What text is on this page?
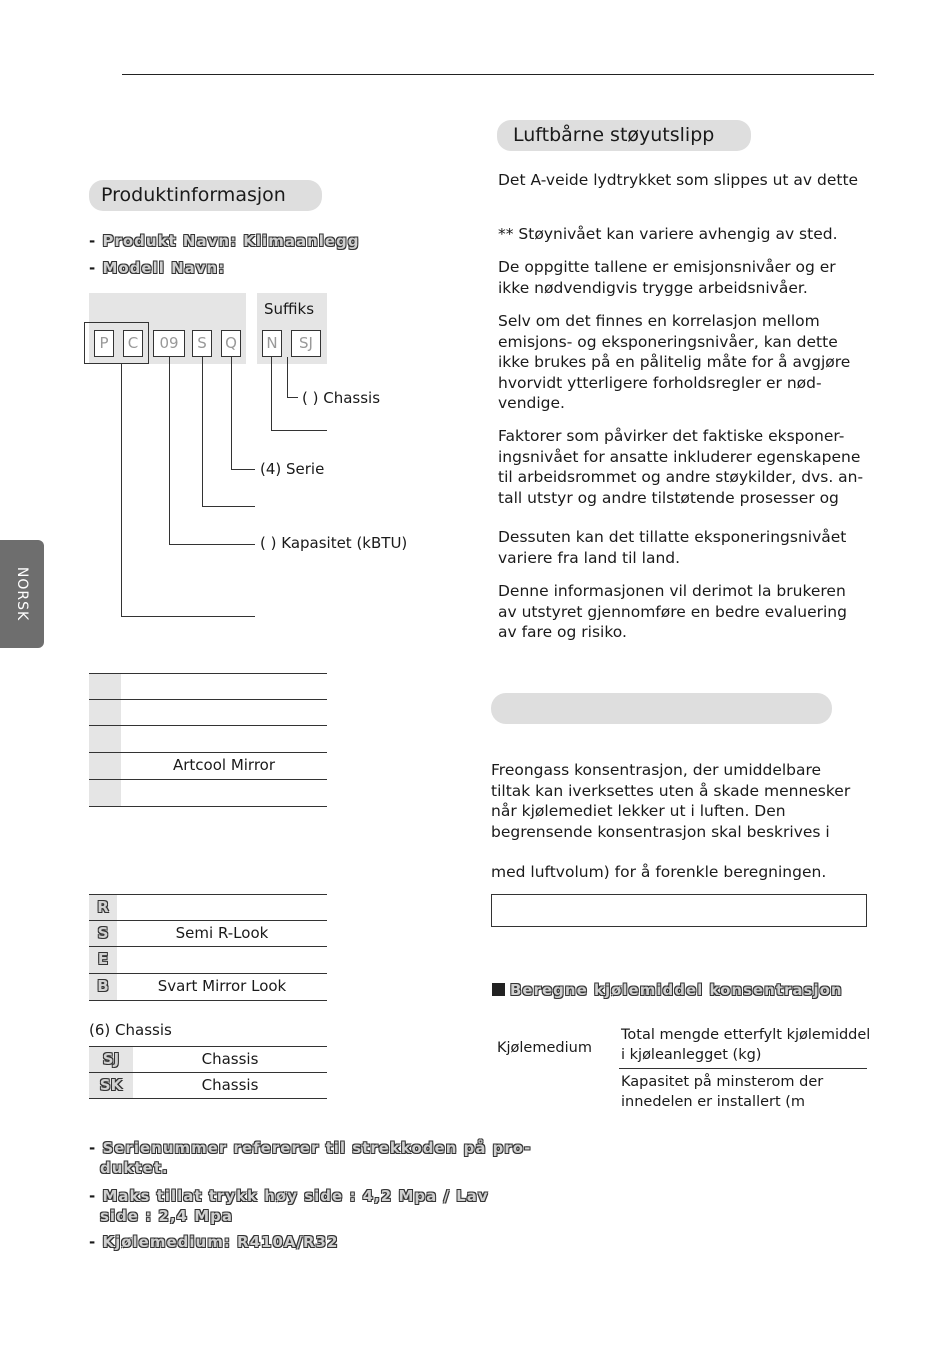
NORSK
Produktinformasjon
- Produkt Navn: Klimaanlegg
- Modell Navn:
Suffiks
P	C	09	S	Q N	SJ
( ) Chassis
(4) Serie
( ) Kapasitet (kBTU)
Artcool Mirror
R
S	Semi R-Look
E
B	Svart Mirror Look
(6) Chassis
SJ	Chassis
SK	Chassis
- Serienummer refererer til strekkoden på pro-
duktet.
- Maks tillat trykk høy side : 4,2 Mpa / Lav
side : 2,4 Mpa
- Kjølemedium: R410A/R32
Luftbårne støyutslipp
Det A-veide lydtrykket som slippes ut av dette
** Støynivået kan variere avhengig av sted.
De oppgitte tallene er emisjonsnivåer og er
ikke nødvendigvis trygge arbeidsnivåer.
Selv om det finnes en korrelasjon mellom
emisjons- og eksponeringsnivåer, kan dette
ikke brukes på en pålitelig måte for å avgjøre
hvorvidt ytterligere forholdsregler er nød-
vendige.
Faktorer som påvirker det faktiske eksponer-
ingsnivået for ansatte inkluderer egenskapene
til arbeidsrommet og andre støykilder, dvs. an-
tall utstyr og andre tilstøtende prosesser og
Dessuten kan det tillatte eksponeringsnivået
variere fra land til land.
Denne informasjonen vil derimot la brukeren
av utstyret gjennomføre en bedre evaluering
av fare og risiko.
Freongass konsentrasjon, der umiddelbare
tiltak kan iverksettes uten å skade mennesker
når kjølemediet lekker ut i luften. Den
begrensende konsentrasjon skal beskrives i
med luftvolum) for å forenkle beregningen.
Beregne kjølemiddel konsentrasjon
Kjølemedium
Total mengde etterfylt kjølemiddel
i kjøleanlegget (kg)
Kapasitet på minsterom der
innedelen er installert (m
